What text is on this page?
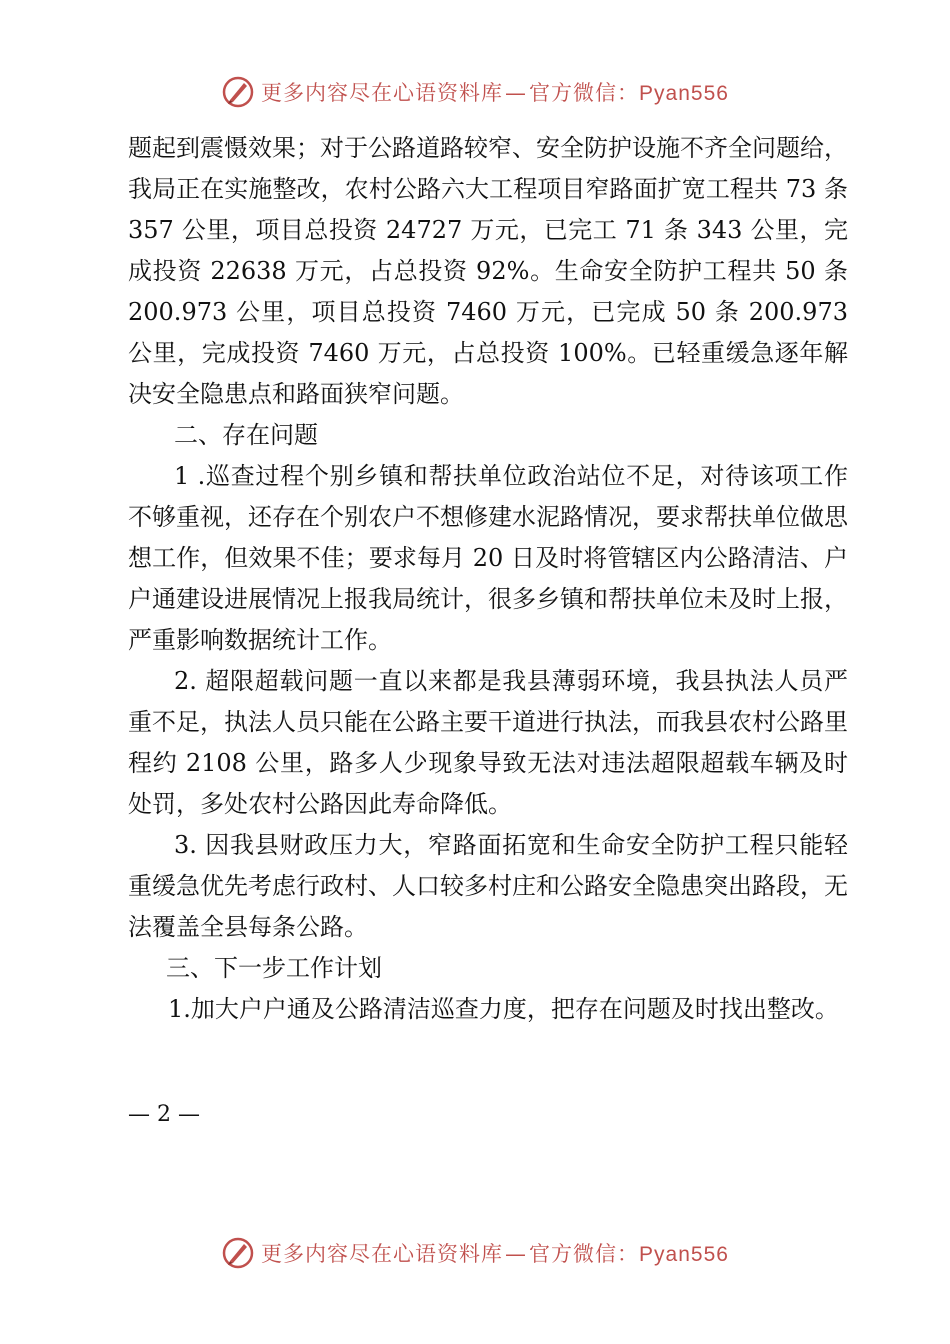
更多内容尽在心语资料库—官方微信：Pyan556

题起到震慑效果；对于公路道路较窄、安全防护设施不齐全问题给，我局正在实施整改，农村公路六大工程项目窄路面扩宽工程共 73 条 357 公里，项目总投资 24727 万元，已完工 71 条 343 公里，完成投资 22638 万元，占总投资 92%。生命安全防护工程共 50 条 200.973 公里，项目总投资 7460 万元，已完成 50 条 200.973 公里，完成投资 7460 万元，占总投资 100%。已轻重缓急逐年解决安全隐患点和路面狭窄问题。

二、存在问题

1 .巡查过程个别乡镇和帮扶单位政治站位不足，对待该项工作不够重视，还存在个别农户不想修建水泥路情况，要求帮扶单位做思想工作，但效果不佳；要求每月 20 日及时将管辖区内公路清洁、户户通建设进展情况上报我局统计，很多乡镇和帮扶单位未及时上报，严重影响数据统计工作。

2. 超限超载问题一直以来都是我县薄弱环境，我县执法人员严重不足，执法人员只能在公路主要干道进行执法，而我县农村公路里程约 2108 公里，路多人少现象导致无法对违法超限超载车辆及时处罚，多处农村公路因此寿命降低。

3. 因我县财政压力大，窄路面拓宽和生命安全防护工程只能轻重缓急优先考虑行政村、人口较多村庄和公路安全隐患突出路段，无法覆盖全县每条公路。

三、下一步工作计划

1.加大户户通及公路清洁巡查力度，把存在问题及时找出整改。

— 2 —
更多内容尽在心语资料库—官方微信：Pyan556
